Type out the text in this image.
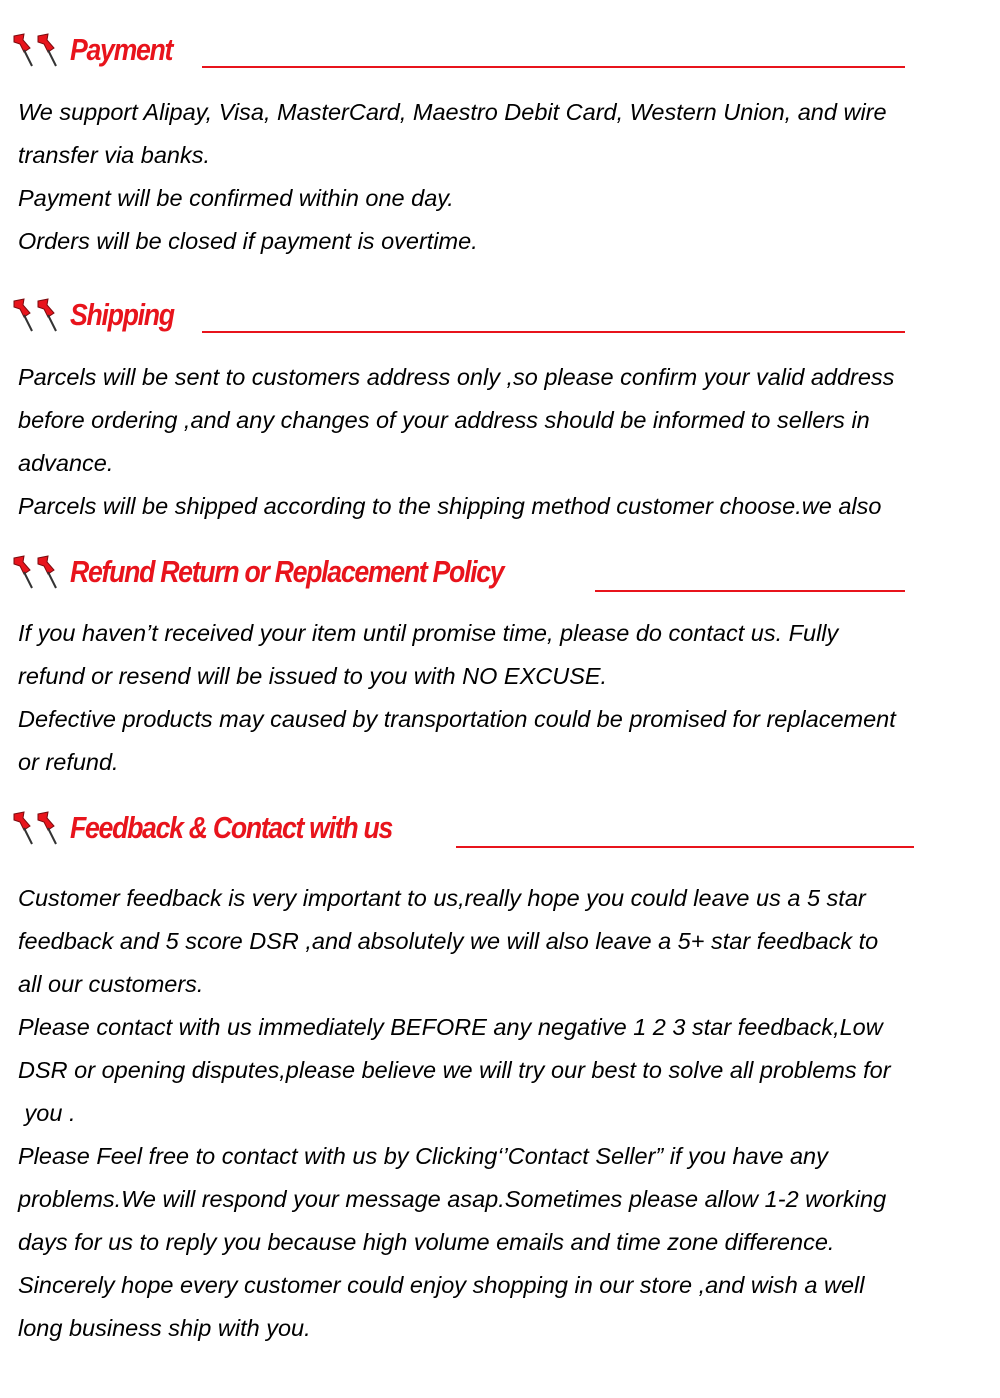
Payment

We support Alipay, Visa, MasterCard, Maestro Debit Card, Western Union, and wire

transfer via banks.

Payment will be confirmed within one day.

Orders will be closed if payment is overtime.

Shipping

Parcels will be sent to customers address only ,so please confirm your valid address

before ordering ,and any changes of your address should be informed to sellers in

advance.

Parcels will be shipped according to the shipping method customer choose.we also

Refund Return or Replacement Policy

If you haven’t received your item until promise time, please do contact us. Fully

refund or resend will be issued to you with NO EXCUSE.

Defective products may caused by transportation could be promised for replacement

or refund.

Feedback & Contact with us

Customer feedback is very important to us,really hope you could leave us a 5 star

feedback and 5 score DSR ,and absolutely we will also leave a 5+ star feedback to

all our customers.

Please contact with us immediately BEFORE any negative 1 2 3 star feedback,Low

DSR or opening disputes,please believe we will try our best to solve all problems for

you .

Please Feel free to contact with us by Clicking‘’Contact Seller” if you have any

problems.We will respond your message asap.Sometimes please allow 1-2 working

days for us to reply you because high volume emails and time zone difference.

Sincerely hope every customer could enjoy shopping in our store ,and wish a well

long business ship with you.
